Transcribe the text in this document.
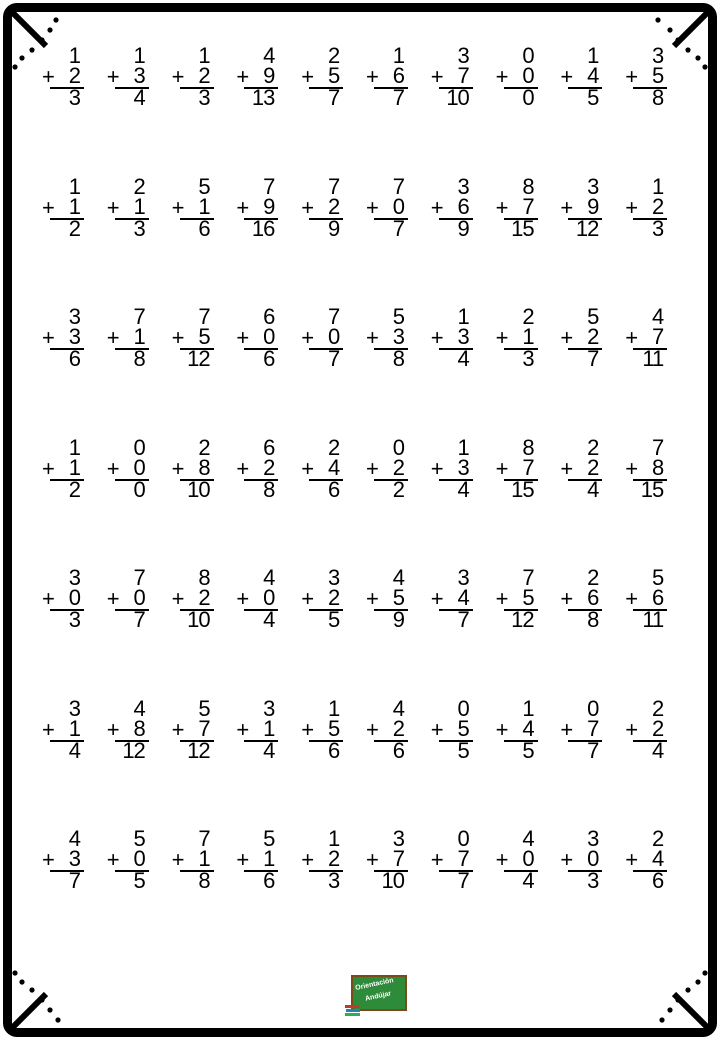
1
+ 2
3
1
+ 3
4
1
+ 2
3
4
+ 9
13
2
+ 5
7
1
+ 6
7
3
+ 7
10
0
+ 0
0
1
+ 4
5
3
+ 5
8
1
+ 1
2
2
+ 1
3
5
+ 1
6
7
+ 9
16
7
+ 2
9
7
+ 0
7
3
+ 6
9
8
+ 7
15
3
+ 9
12
1
+ 2
3
3
+ 3
6
7
+ 1
8
7
+ 5
12
6
+ 0
6
7
+ 0
7
5
+ 3
8
1
+ 3
4
2
+ 1
3
5
+ 2
7
4
+ 7
11
1
+ 1
2
0
+ 0
0
2
+ 8
10
6
+ 2
8
2
+ 4
6
0
+ 2
2
1
+ 3
4
8
+ 7
15
2
+ 2
4
7
+ 8
15
3
+ 0
3
7
+ 0
7
8
+ 2
10
4
+ 0
4
3
+ 2
5
4
+ 5
9
3
+ 4
7
7
+ 5
12
2
+ 6
8
5
+ 6
11
3
+ 1
4
4
+ 8
12
5
+ 7
12
3
+ 1
4
1
+ 5
6
4
+ 2
6
0
+ 5
5
1
+ 4
5
0
+ 7
7
2
+ 2
4
4
+ 3
7
5
+ 0
5
7
+ 1
8
5
+ 1
6
1
+ 2
3
3
+ 7
10
0
+ 7
7
4
+ 0
4
3
+ 0
3
2
+ 4
6
Orientación
Andújar
